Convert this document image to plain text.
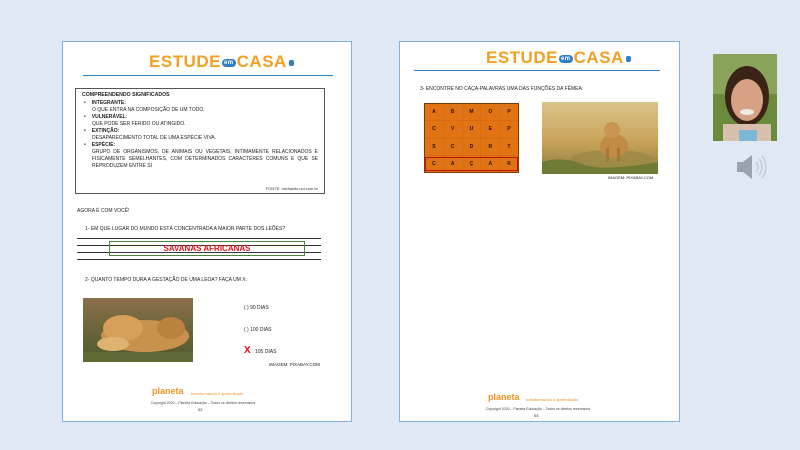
ESTUDE em CASA
COMPREENDENDO SIGNIFICADOS
• INTEGRANTE:
O QUE ENTRA NA COMPOSIÇÃO DE UM TODO.
• VULNERÁVEL:
QUE PODE SER FERIDO OU ATINGIDO.
• EXTINÇÃO:
DESAPARECIMENTO TOTAL DE UMA ESPÉCIE VIVA.
• ESPÉCIE:
GRUPO DE ORGANISMOS, DE ANIMAIS OU VEGETAIS, INTIMAMENTE RELACIONADOS E FISICAMENTE SEMELHANTES, COM DETERMINADOS CARACTERES COMUNS E QUE SE REPRODUZEM ENTRE SI
FONTE: michaelis.uol.com.br
AGORA É COM VOCÊ!
1- EM QUE LUGAR DO MUNDO ESTÁ CONCENTRADA A MAIOR PARTE DOS LEÕES?
SAVANAS AFRICANAS
2- QUANTO TEMPO DURA A GESTAÇÃO DE UMA LEOA? FAÇA UM X:
( ) 90 DIAS
( ) 100 DIAS
X 105 DIAS
IMAGEM: PIXABAY.COM
planeta transformando o aprendizado
Copyright 2020 – Planeta Educação – Todos os direitos reservados
02
ESTUDE em CASA
3- ENCONTRE NO CAÇA-PALAVRAS UMA DAS FUNÇÕES DA FÊMEA:
A	B	M	O	P
C	V	U	E	P
S	C	D	R	T
C	A	Ç	A	R
IMAGEM: PIXABAY.COM
planeta transformando o aprendizado
Copyright 2020 – Planeta Educação – Todos os direitos reservados
03
